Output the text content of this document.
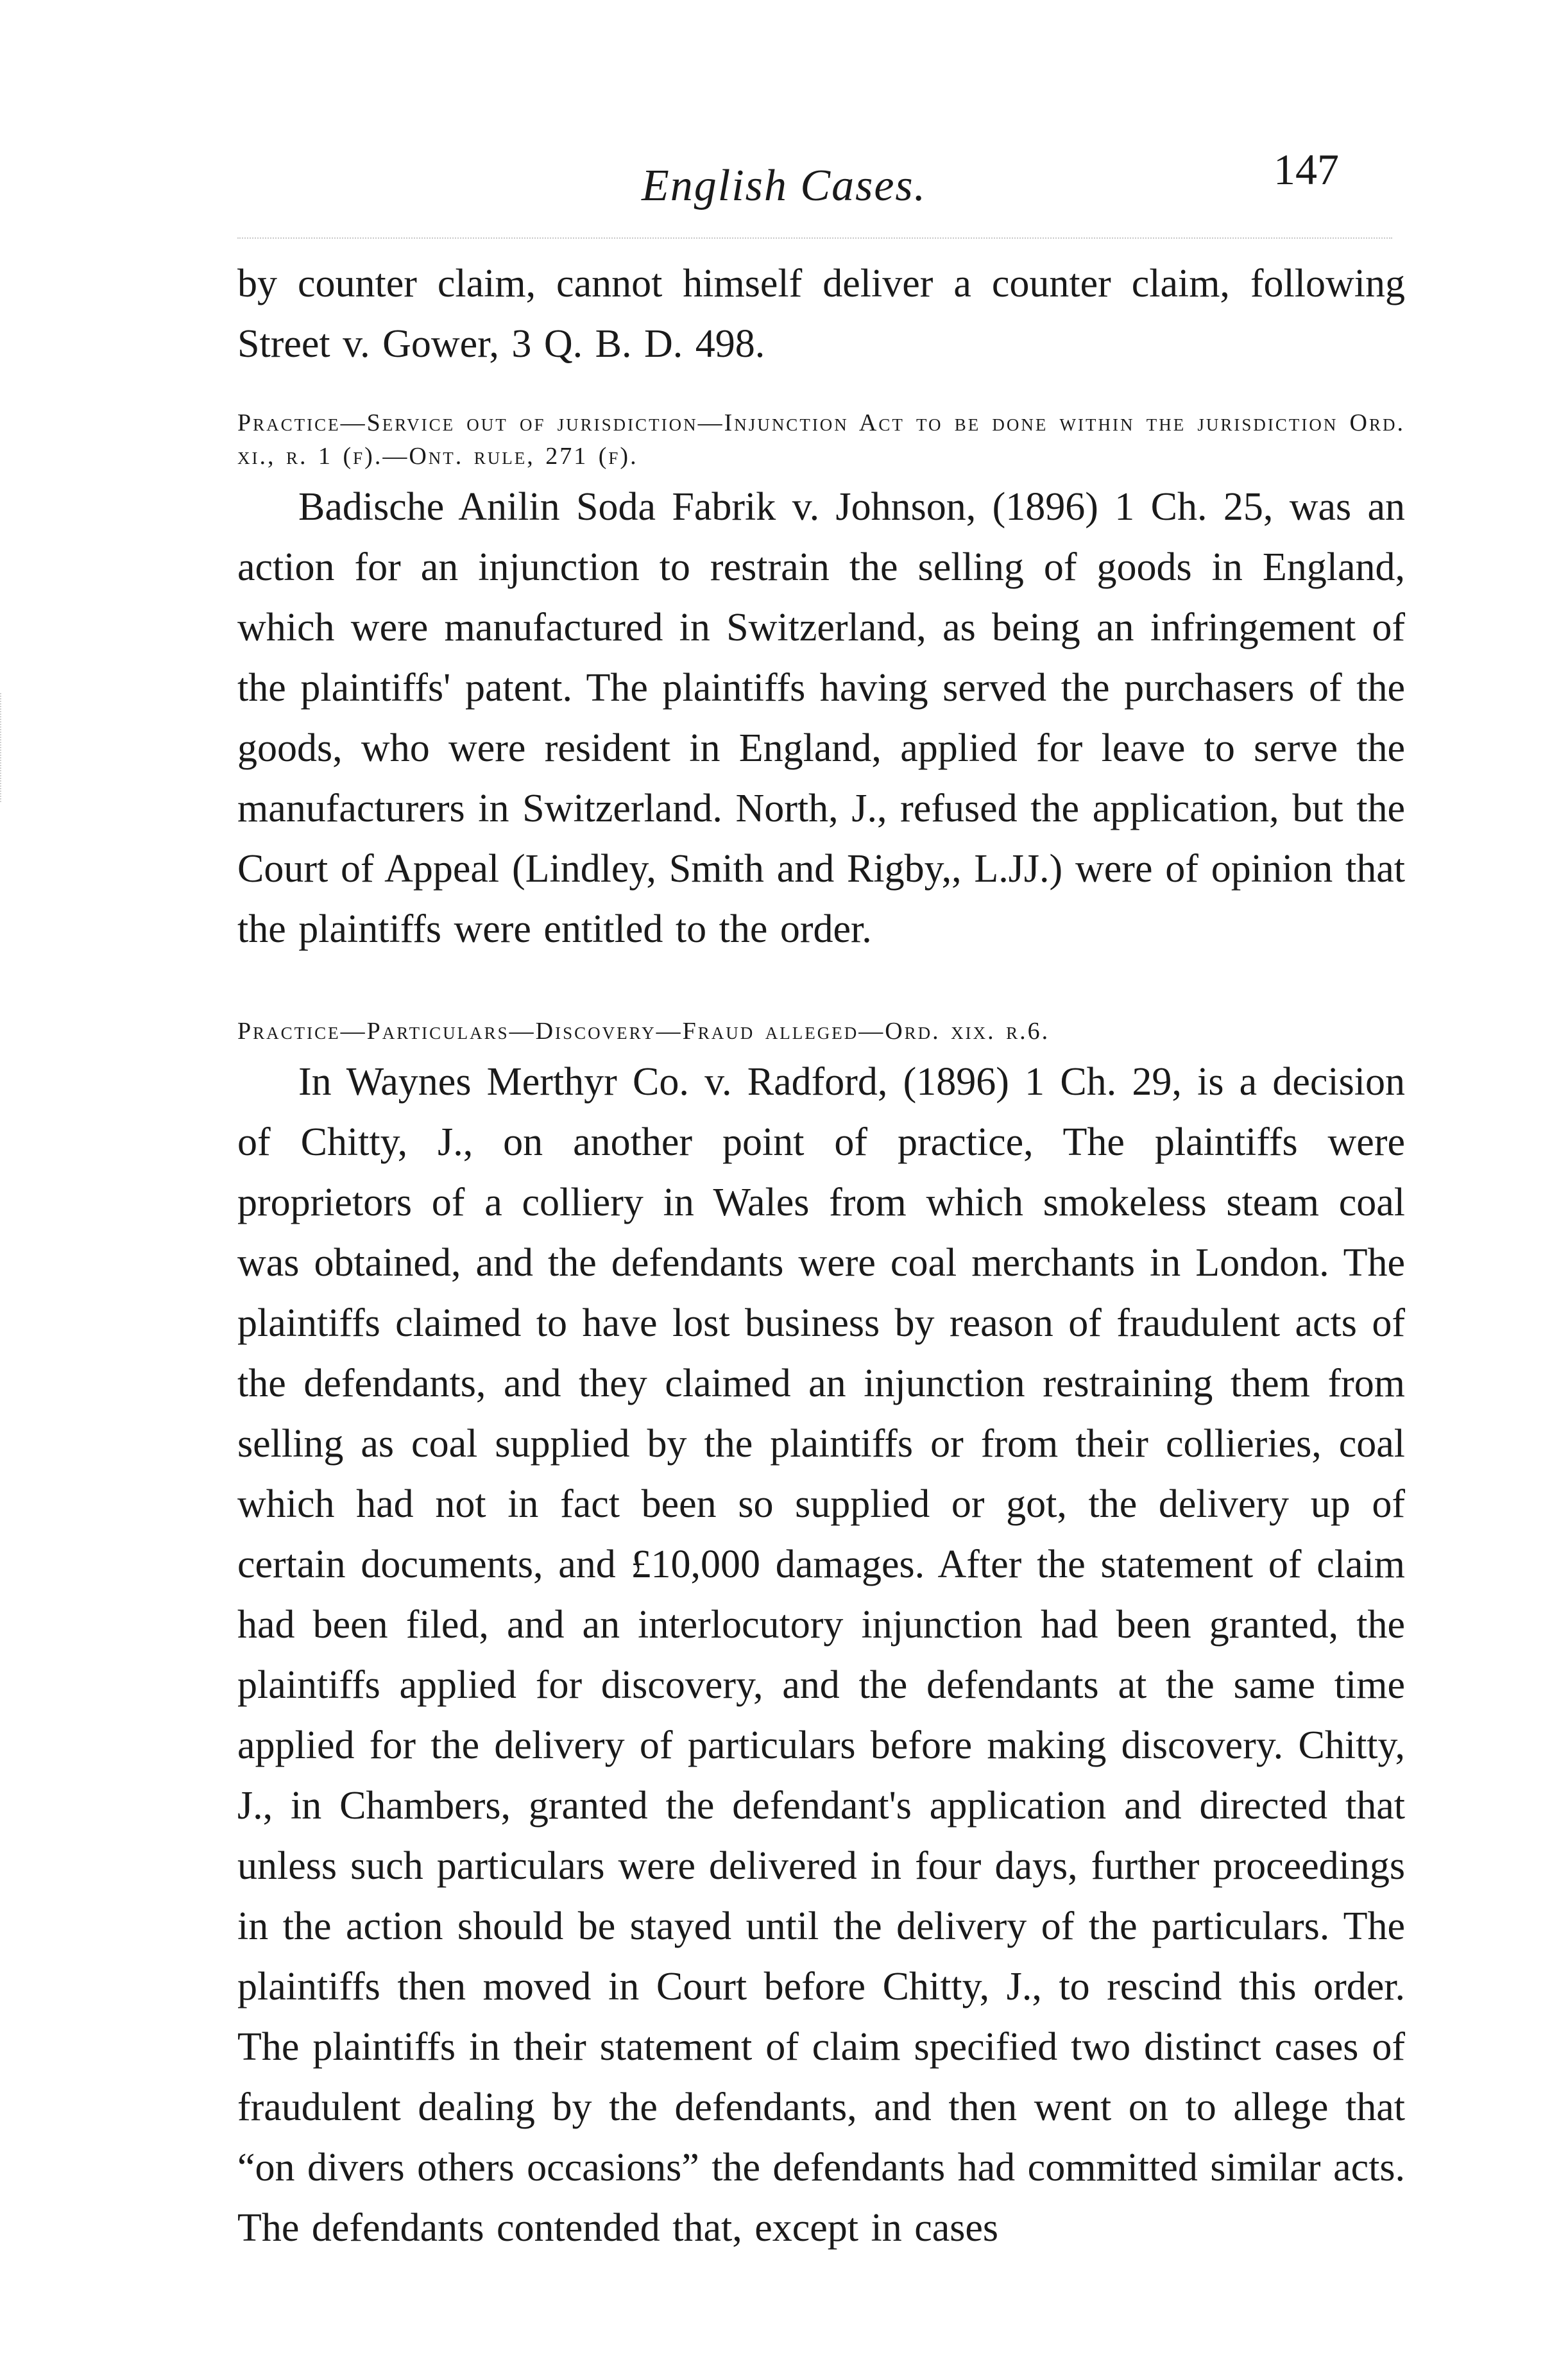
English Cases.	147

by counter claim, cannot himself deliver a counter claim, following Street v. Gower, 3 Q. B. D. 498.

Practice—Service out of jurisdiction—Injunction Act to be done within the jurisdiction Ord. xi., r. 1 (f).—Ont. rule, 271 (f).

Badische Anilin Soda Fabrik v. Johnson, (1896) 1 Ch. 25, was an action for an injunction to restrain the selling of goods in England, which were manufactured in Switzerland, as being an infringement of the plaintiffs' patent. The plaintiffs having served the purchasers of the goods, who were resident in England, applied for leave to serve the manufacturers in Switzerland. North, J., refused the application, but the Court of Appeal (Lindley, Smith and Rigby,, L.JJ.) were of opinion that the plaintiffs were entitled to the order.

Practice—Particulars—Discovery—Fraud alleged—Ord. xix. r.6.

In Waynes Merthyr Co. v. Radford, (1896) 1 Ch. 29, is a decision of Chitty, J., on another point of practice, The plaintiffs were proprietors of a colliery in Wales from which smokeless steam coal was obtained, and the defendants were coal merchants in London. The plaintiffs claimed to have lost business by reason of fraudulent acts of the defendants, and they claimed an injunction restraining them from selling as coal supplied by the plaintiffs or from their collieries, coal which had not in fact been so supplied or got, the delivery up of certain documents, and £10,000 damages. After the statement of claim had been filed, and an interlocutory injunction had been granted, the plaintiffs applied for discovery, and the defendants at the same time applied for the delivery of particulars before making discovery. Chitty, J., in Chambers, granted the defendant's application and directed that unless such particulars were delivered in four days, further proceedings in the action should be stayed until the delivery of the particulars. The plaintiffs then moved in Court before Chitty, J., to rescind this order. The plaintiffs in their statement of claim specified two distinct cases of fraudulent dealing by the defendants, and then went on to allege that “on divers others occasions” the defendants had committed similar acts. The defendants contended that, except in cases
